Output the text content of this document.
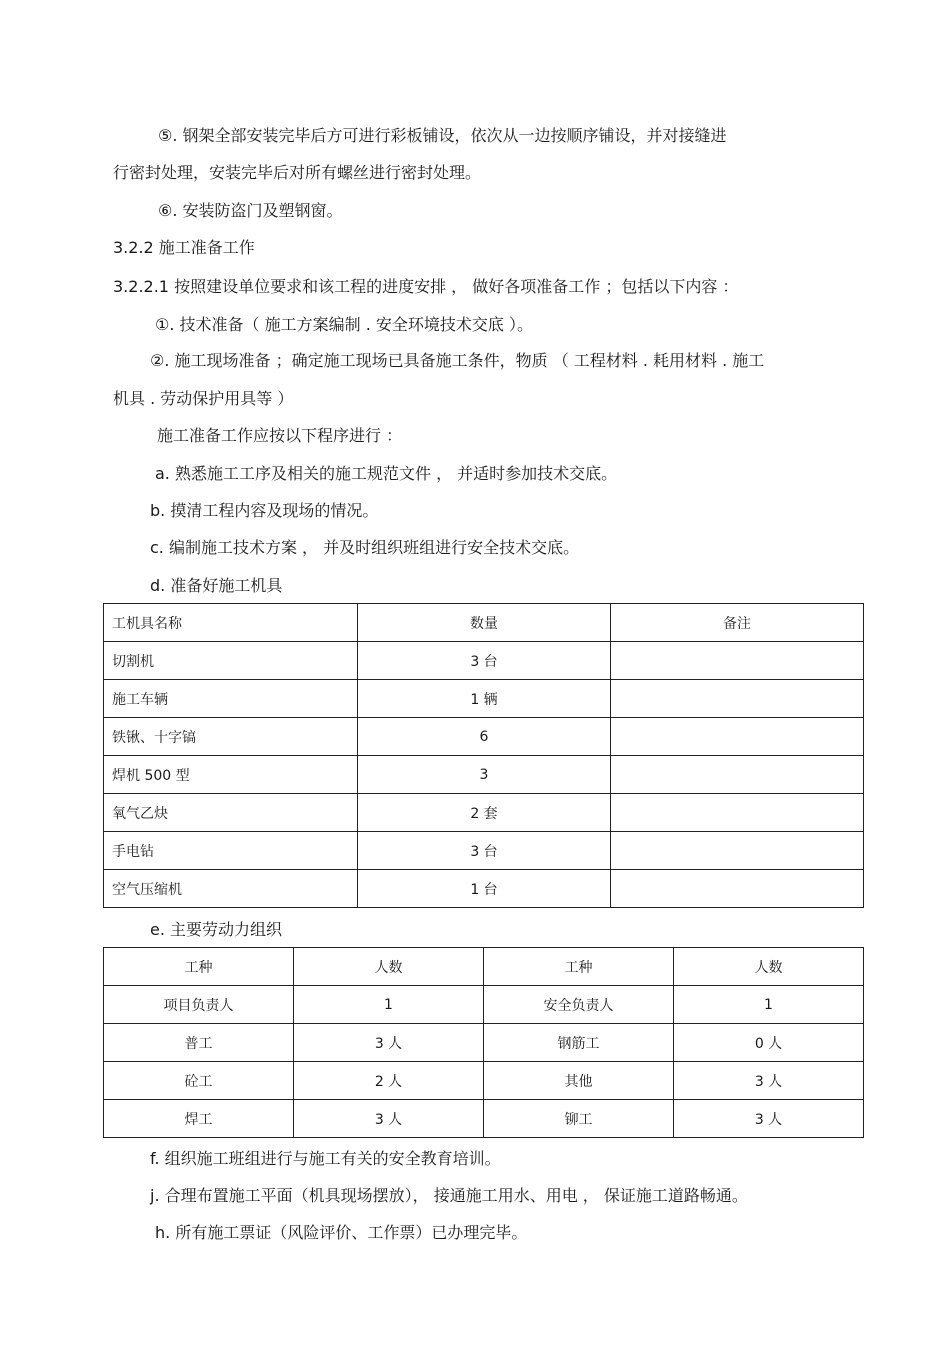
⑤. 钢架全部安装完毕后方可进行彩板铺设，依次从一边按顺序铺设，并对接缝进
行密封处理，安装完毕后对所有螺丝进行密封处理。
⑥. 安装防盗门及塑钢窗。
3.2.2 施工准备工作
3.2.2.1 按照建设单位要求和该工程的进度安排 ， 做好各项准备工作 ；包括以下内容 ：
①. 技术准备（ 施工方案编制 . 安全环境技术交底 ）。
②. 施工现场准备 ；确定施工现场已具备施工条件，物质 （ 工程材料 . 耗用材料 . 施工
机具 . 劳动保护用具等 ）
施工准备工作应按以下程序进行 ：
a. 熟悉施工工序及相关的施工规范文件 ， 并适时参加技术交底。
b. 摸清工程内容及现场的情况。
c. 编制施工技术方案 ， 并及时组织班组进行安全技术交底。
d. 准备好施工机具
工机具名称	数量	备注
切割机	3 台	
施工车辆	1 辆	
铁锹、十字镐	6	
焊机 500 型	3	
氧气乙炔	2 套	
手电钻	3 台	
空气压缩机	1 台	
e. 主要劳动力组织
工种	人数	工种	人数
项目负责人	1	安全负责人	1
普工	3 人	钢筋工	0 人
砼工	2 人	其他	3 人
焊工	3 人	铆工	3 人
f. 组织施工班组进行与施工有关的安全教育培训。
j. 合理布置施工平面（机具现场摆放）， 接通施工用水、用电 ， 保证施工道路畅通。
h. 所有施工票证（风险评价、工作票）已办理完毕。
